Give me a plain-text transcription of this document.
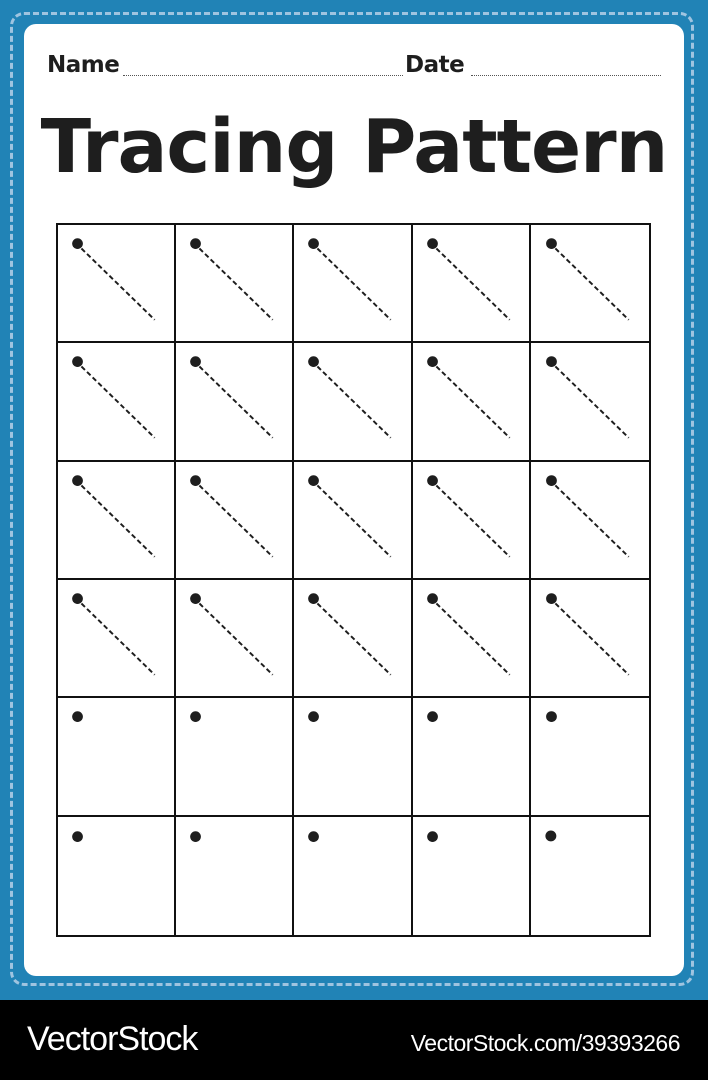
Name	Date
Tracing Pattern
VectorStock	VectorStock.com/39393266
